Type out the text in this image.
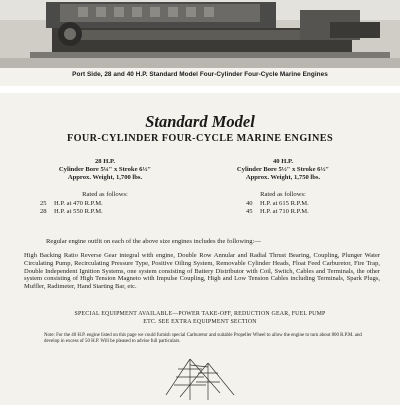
Port Side, 28 and 40 H.P. Standard Model Four-Cylinder Four-Cycle Marine Engines
Standard Model
FOUR-CYLINDER FOUR-CYCLE MARINE ENGINES
28 H.P.
Cylinder Bore 5¼" x Stroke 6½"
Approx. Weight, 1,700 lbs.
Rated as follows:
25 H.P. at 470 R.P.M.
28 H.P. at 550 R.P.M.
40 H.P.
Cylinder Bore 5½" x Stroke 6½"
Approx. Weight, 1,750 lbs.
Rated as follows:
40 H.P. at 615 R.P.M.
45 H.P. at 710 R.P.M.
Regular engine outfit on each of the above size engines includes the following:—
High Backing Ratio Reverse Gear integral with engine, Double Row Annular and Radial Thrust Bearing, Coupling, Plunger Water Circulating Pump, Recirculating Pressure Type, Positive Oiling System, Removable Cylinder Heads, Float Feed Carburetor, Fire Trap, Double Independent Ignition Systems, one system consisting of Battery Distributor with Coil, Switch, Cables and Terminals, the other system consisting of High Tension Magneto with Impulse Coupling, High and Low Tension Cables including Terminals, Spark Plugs, Muffler, Radimeter, Hand Starting Bar, etc.
SPECIAL EQUIPMENT AVAILABLE—POWER TAKE-OFF, REDUCTION GEAR, FUEL PUMP
ETC. SEE EXTRA EQUIPMENT SECTION
Note: For the 40 H.P. engine listed on this page we could furnish special Carburetor and suitable Propeller Wheel to allow the engine to turn about 800 R.P.M. and develop in excess of 50 H.P. Will be pleased to advise full particulars.
